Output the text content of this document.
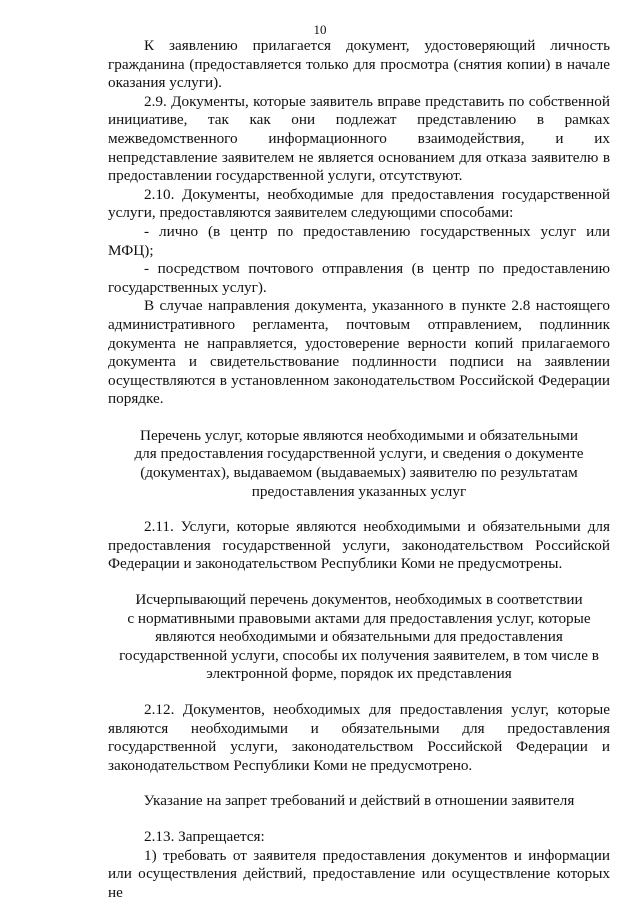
10

К заявлению прилагается документ, удостоверяющий личность гражданина (предоставляется только для просмотра (снятия копии) в начале оказания услуги).

2.9. Документы, которые заявитель вправе представить по собственной

инициативе, так как они подлежат представлению в рамках

межведомственного информационного взаимодействия, и их

непредставление заявителем не является основанием для отказа заявителю в предоставлении государственной услуги, отсутствуют.

2.10. Документы, необходимые для предоставления государственной услуги, предоставляются заявителем следующими способами:

- лично (в центр по предоставлению государственных услуг или МФЦ);

- посредством почтового отправления (в центр по предоставлению государственных услуг).

В случае направления документа, указанного в пункте 2.8 настоящего административного регламента, почтовым отправлением, подлинник документа не направляется, удостоверение верности копий прилагаемого документа и свидетельствование подлинности подписи на заявлении осуществляются в установленном законодательством Российской Федерации порядке.

Перечень услуг, которые являются необходимыми и обязательными
для предоставления государственной услуги, и сведения о документе
(документах), выдаваемом (выдаваемых) заявителю по результатам
предоставления указанных услуг

2.11. Услуги, которые являются необходимыми и обязательными для предоставления государственной услуги, законодательством Российской Федерации и законодательством Республики Коми не предусмотрены.

Исчерпывающий перечень документов, необходимых в соответствии
с нормативными правовыми актами для предоставления услуг, которые
являются необходимыми и обязательными для предоставления
государственной услуги, способы их получения заявителем, в том числе в
электронной форме, порядок их представления

2.12. Документов, необходимых для предоставления услуг, которые являются необходимыми и обязательными для предоставления государственной услуги, законодательством Российской Федерации и законодательством Республики Коми не предусмотрено.

Указание на запрет требований и действий в отношении заявителя

2.13. Запрещается:

1) требовать от заявителя предоставления документов и информации или осуществления действий, предоставление или осуществление которых не
